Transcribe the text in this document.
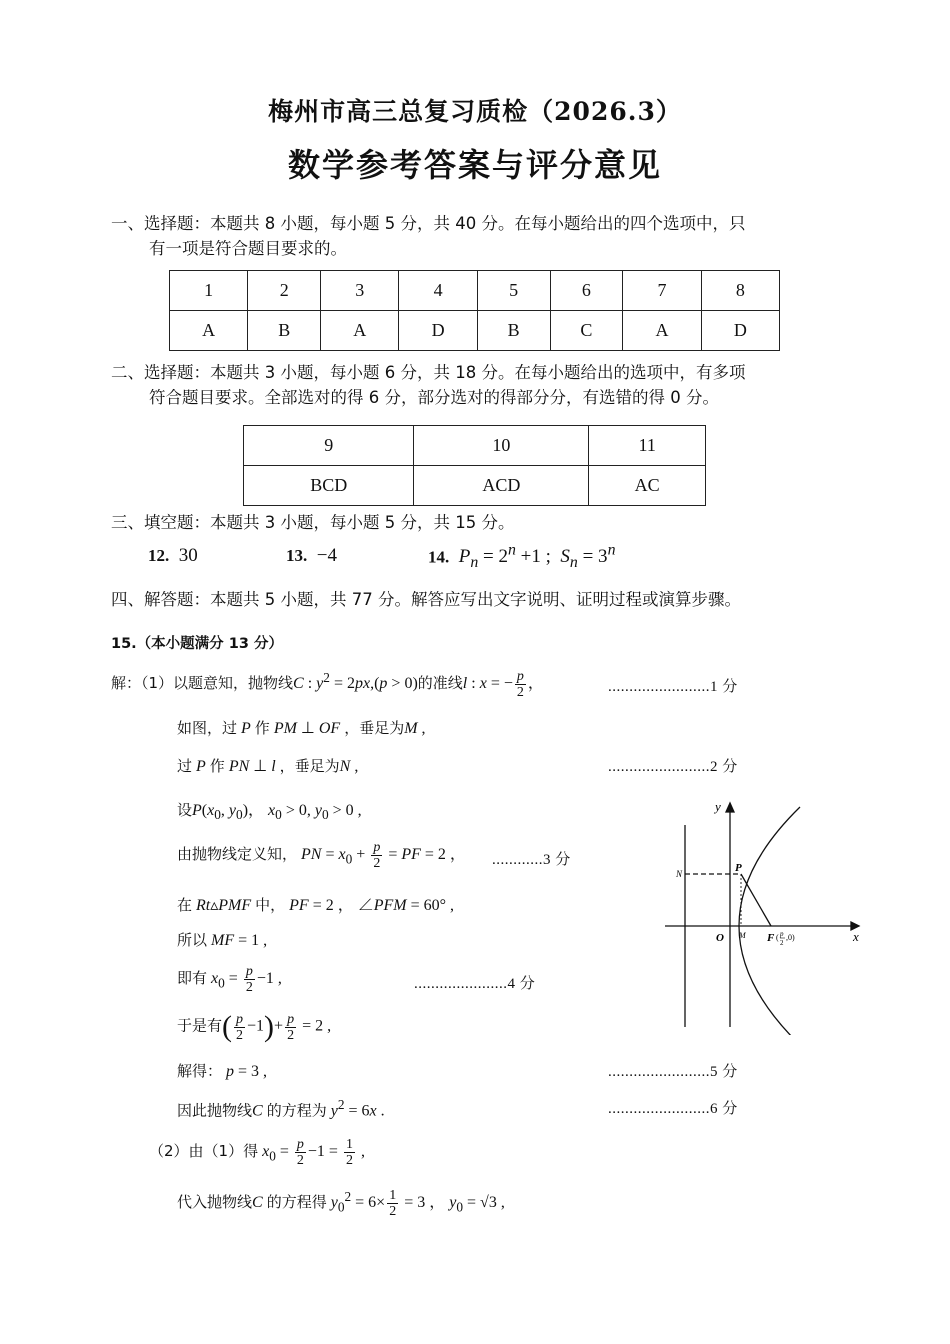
梅州市高三总复习质检（2026.3）
数学参考答案与评分意见
一、选择题：本题共 8 小题，每小题 5 分，共 40 分。在每小题给出的四个选项中，只
有一项是符合题目要求的。
1	2	3	4	5	6	7	8
A	B	A	D	B	C	A	D
二、选择题：本题共 3 小题，每小题 6 分，共 18 分。在每小题给出的选项中，有多项
符合题目要求。全部选对的得 6 分，部分选对的得部分分，有选错的得 0 分。
9	10	11
BCD	ACD	AC
三、填空题：本题共 3 小题，每小题 5 分，共 15 分。
12. 30	13. −4	14. $P_n = 2^n +1$ ;  $S_n = 3^n$
四、解答题：本题共 5 小题，共 77 分。解答应写出文字说明、证明过程或演算步骤。
15.（本小题满分 13 分）
解：（1）以题意知，抛物线C : $y^2 = 2px,(p > 0)$的准线l : x = − $\frac{p}{2}$ ，	........................1 分
如图，过 P 作 PM ⊥ OF ，垂足为M ,
过 P 作 PN ⊥ l ，垂足为N ,	........................2 分
设$P(x_0$, $y_0$)， $x_0 > 0$, $y_0 > 0$ ,
由抛物线定义知， PN = $x_0 + \frac{p}{2}$ = PF = 2 ， ............3 分
在 Rt▵PMF 中， PF = 2 ， ∠PFM = 60° ,
所以 MF = 1 ,
即有 $x_0 = \frac{p}{2} -1$ ,	......................4 分
于是有( $\frac{p}{2} -1)+ \frac{p}{2} = 2$ ,
解得： p = 3 ,	........................5 分
因此抛物线C 的方程为 $y^2 = 6x$ .	........................6 分
（2）由（1）得 $x_0 = \frac{p}{2} -1 = \frac{1}{2}$ ,
代入抛物线C 的方程得 $y_0^2 = 6\times \frac{1}{2} = 3$ ， $y_0 = √3$ ,
y
x
O
N	P
M F ( p
2
,0)
